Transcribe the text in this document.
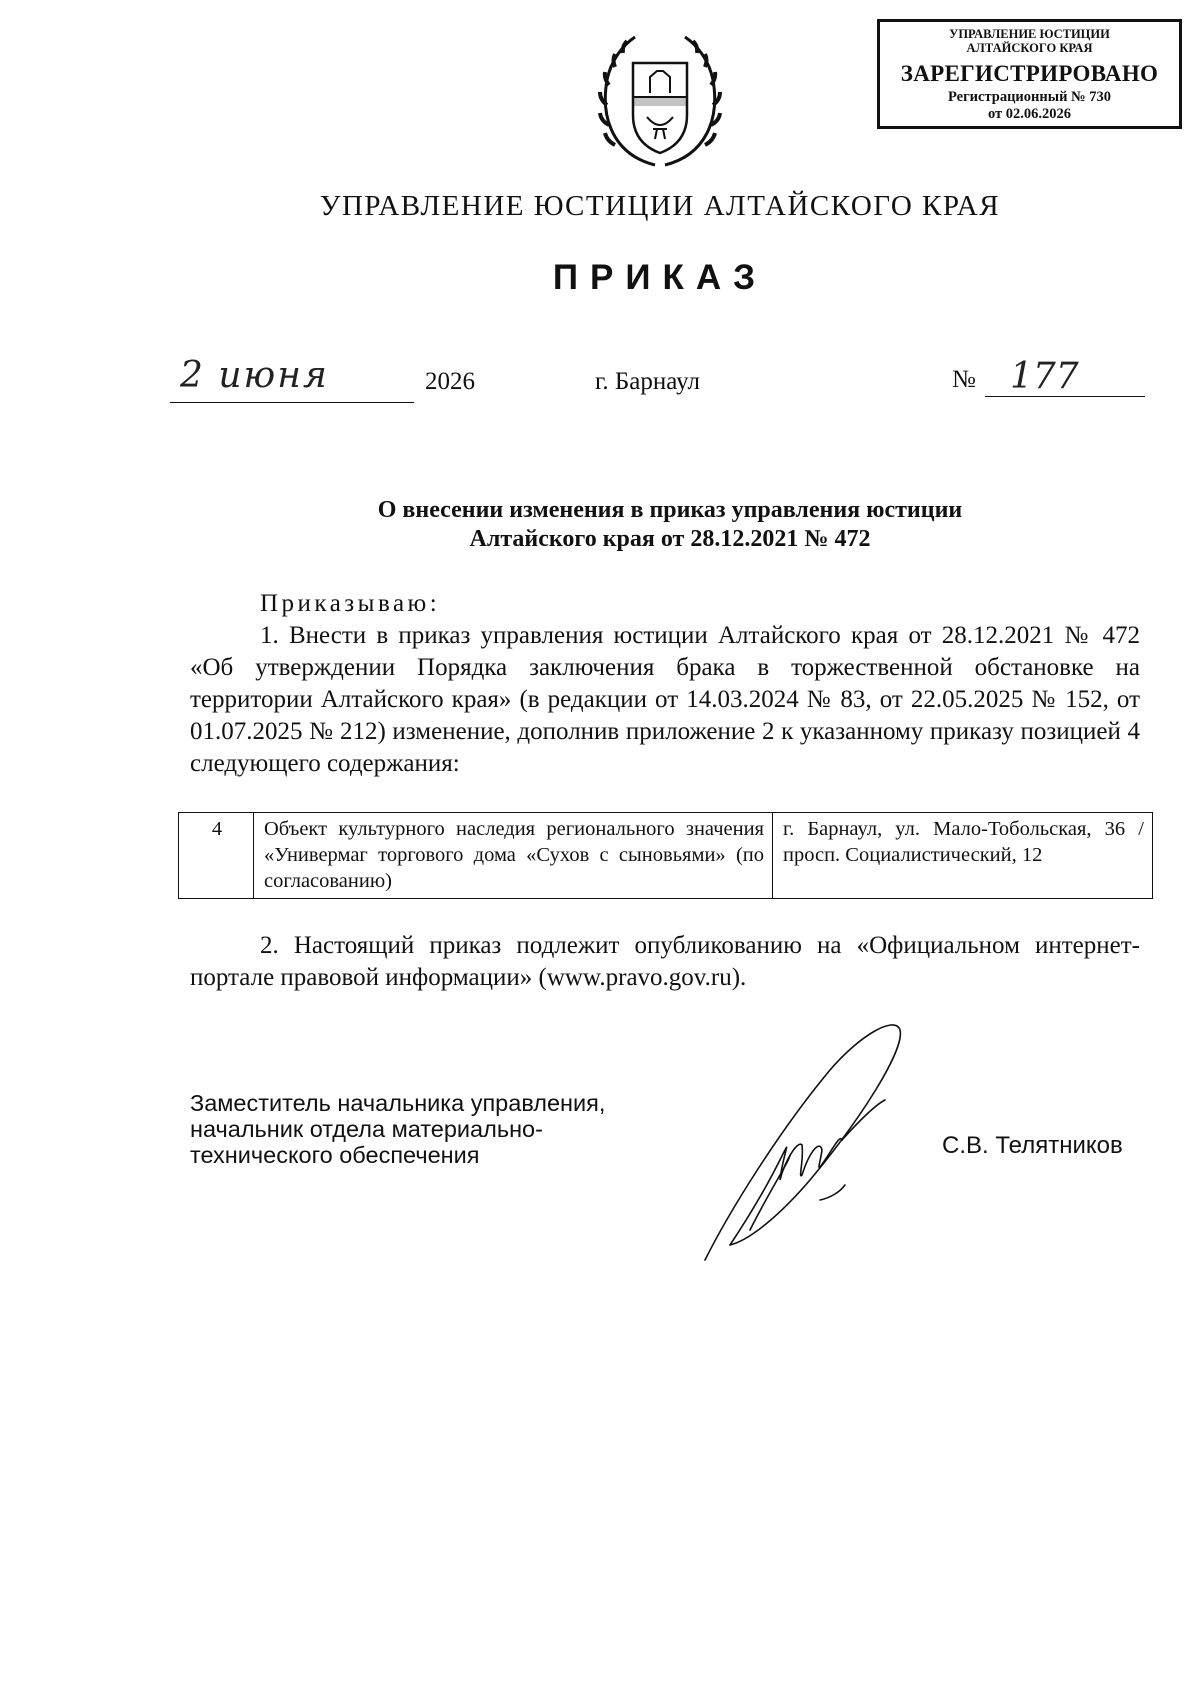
УПРАВЛЕНИЕ ЮСТИЦИИ
АЛТАЙСКОГО КРАЯ
ЗАРЕГИСТРИРОВАНО
Регистрационный № 730
от 02.06.2026
УПРАВЛЕНИЕ ЮСТИЦИИ АЛТАЙСКОГО КРАЯ
ПРИКАЗ
2 июня	2026	г. Барнаул	№ 177
О внесении изменения в приказ управления юстиции
Алтайского края от 28.12.2021 № 472
Приказываю:
1. Внести в приказ управления юстиции Алтайского края от 28.12.2021 № 472 «Об утверждении Порядка заключения брака в торжественной обстановке на территории Алтайского края» (в редакции от 14.03.2024 № 83, от 22.05.2025 № 152, от 01.07.2025 № 212) изменение, дополнив приложение 2 к указанному приказу позицией 4 следующего содержания:
4	Объект культурного наследия регионального значения «Универмаг торгового дома «Сухов с сыновьями» (по согласованию)	г. Барнаул, ул. Мало-Тобольская, 36 / просп. Социалистический, 12
2. Настоящий приказ подлежит опубликованию на «Официальном интернет-портале правовой информации» (www.pravo.gov.ru).
Заместитель начальника управления,
начальник отдела материально-
технического обеспечения	С.В. Телятников
